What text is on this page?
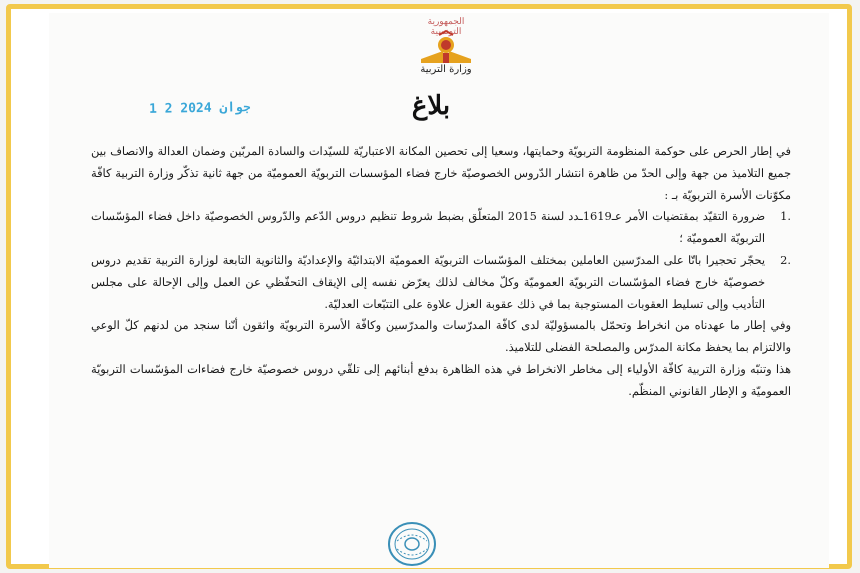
الجمهورية التونسية
وزارة التربية
1 2 جوان 2024	بلاغ

في إطار الحرص على حوكمة المنظومة التربويّة وحمايتها، وسعيا إلى تحصين المكانة الاعتباريّة للسيّدات والسادة المربّين وضمان العدالة والانصاف بين جميع التلاميذ من جهة وإلى الحدّ من ظاهرة انتشار الدّروس الخصوصيّة خارج فضاء المؤسسات التربويّة العموميّة من جهة ثانية تذكّر وزارة التربية كافّة مكوّنات الأسرة التربويّة بـ :

.1
ضرورة التقيّد بمقتضيات الأمر عـ1619ـدد لسنة 2015 المتعلّق بضبط شروط تنظيم دروس الدّعم والدّروس الخصوصيّة داخل فضاء المؤسّسات التربويّة العموميّة ؛

.2
يحجّر تحجيرا باتّا على المدرّسين العاملين بمختلف المؤسّسات التربويّة العموميّة الابتدائيّة والإعداديّة والثانوية التابعة لوزارة التربية تقديم دروس خصوصيّة خارج فضاء المؤسّسات التربويّة العموميّة وكلّ مخالف لذلك يعرّض نفسه إلى الإيقاف التحفّظي عن العمل وإلى الإحالة على مجلس التأديب وإلى تسليط العقوبات المستوجبة بما في ذلك عقوبة العزل علاوة على التتبّعات العدليّة.

وفي إطار ما عهدناه من انخراط وتحمّل بالمسؤوليّة لدى كافّة المدرّسات والمدرّسين وكافّة الأسرة التربويّة واثقون أنّنا سنجد من لدنهم كلّ الوعي والالتزام بما يحفظ مكانة المدرّس والمصلحة الفضلى للتلاميذ.

هذا وتنبّه وزارة التربية كافّة الأولياء إلى مخاطر الانخراط في هذه الظاهرة بدفع أبنائهم إلى تلقّي دروس خصوصيّة خارج فضاءات المؤسّسات التربويّة العموميّة و الإطار القانوني المنظّم.
